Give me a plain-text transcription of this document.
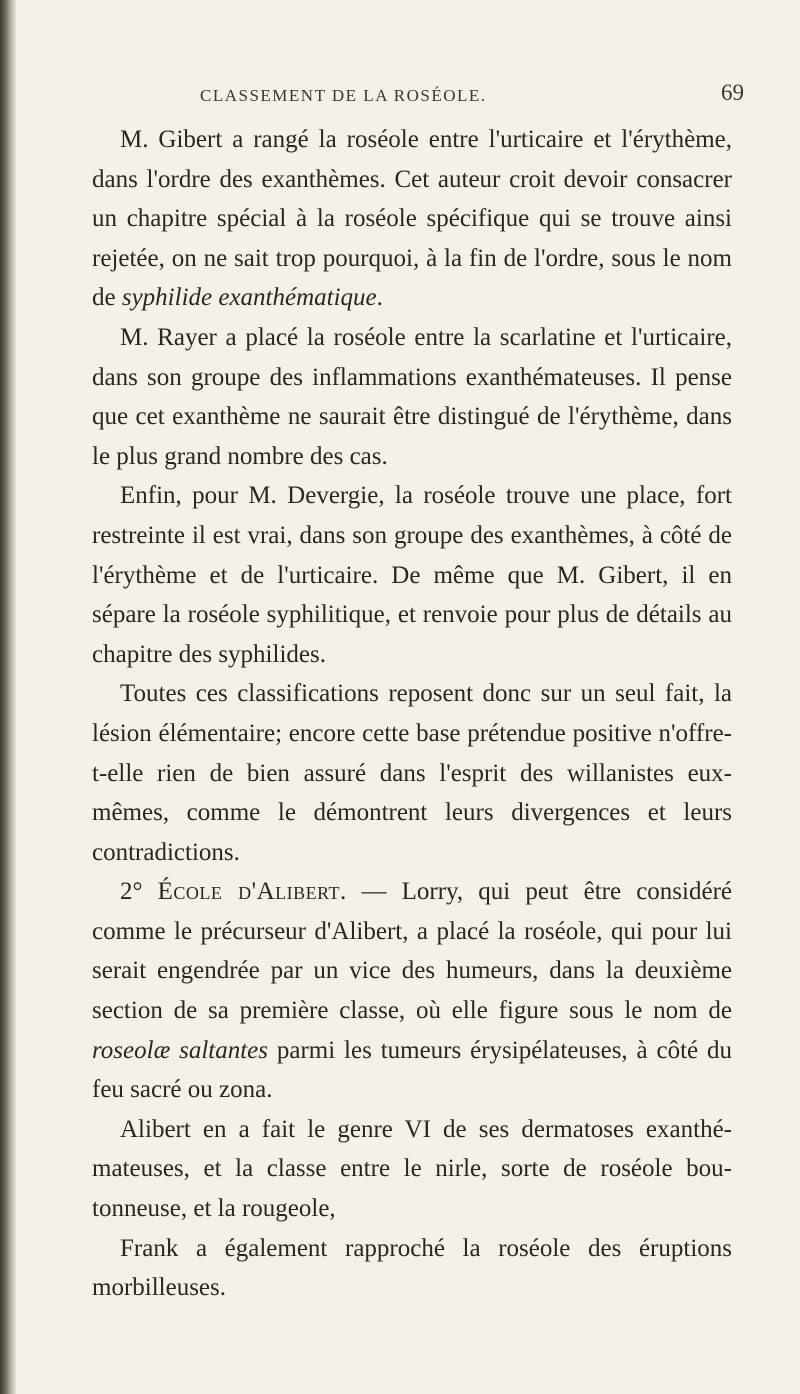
CLASSEMENT DE LA ROSÉOLE.	69

M. Gibert a rangé la roséole entre l'urticaire et l'érythème, dans l'ordre des exanthèmes. Cet auteur croit devoir consacrer un chapitre spécial à la roséole spécifique qui se trouve ainsi rejetée, on ne sait trop pourquoi, à la fin de l'ordre, sous le nom de syphilide exanthématique.

M. Rayer a placé la roséole entre la scarlatine et l'urticaire, dans son groupe des inflammations exanthémateuses. Il pense que cet exanthème ne saurait être distingué de l'érythème, dans le plus grand nombre des cas.

Enfin, pour M. Devergie, la roséole trouve une place, fort restreinte il est vrai, dans son groupe des exanthèmes, à côté de l'érythème et de l'urticaire. De même que M. Gibert, il en sépare la roséole syphilitique, et renvoie pour plus de détails au chapitre des syphilides.

Toutes ces classifications reposent donc sur un seul fait, la lésion élémentaire; encore cette base prétendue positive n'offre-t-elle rien de bien assuré dans l'esprit des willanistes eux-mêmes, comme le démontrent leurs divergences et leurs contradictions.

2° École d'Alibert. — Lorry, qui peut être considéré comme le précurseur d'Alibert, a placé la roséole, qui pour lui serait engendrée par un vice des humeurs, dans la deuxième section de sa première classe, où elle figure sous le nom de roseolæ saltantes parmi les tumeurs érysipélateuses, à côté du feu sacré ou zona.

Alibert en a fait le genre VI de ses dermatoses exanthémateuses, et la classe entre le nirle, sorte de roséole boutonneuse, et la rougeole,

Frank a également rapproché la roséole des éruptions morbilleuses.
